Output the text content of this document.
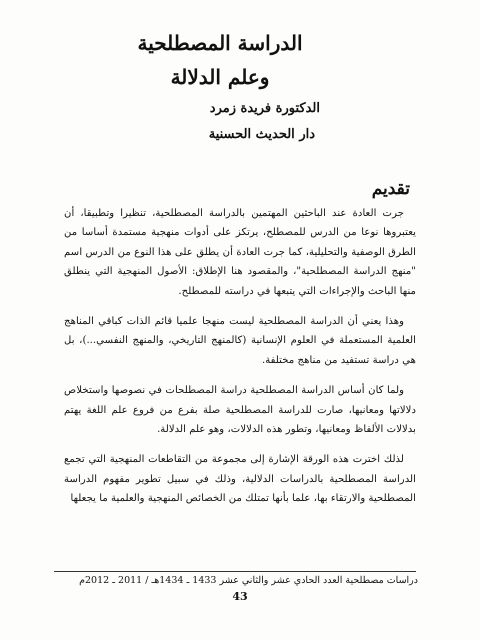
الدراسة المصطلحية
وعلم الدلالة
الدكتورة فريدة زمرد
دار الحديث الحسنية
تقديم

جرت العادة عند الباحثين المهتمين بالدراسة المصطلحية، تنظيرا وتطبيقا، أن يعتبروها نوعا من الدرس للمصطلح، يرتكز على أدوات منهجية مستمدة أساسا من الطرق الوصفية والتحليلية، كما جرت العادة أن يطلق على هذا النوع من الدرس اسم "منهج الدراسة المصطلحية"، والمقصود هنا الإطلاق: الأصول المنهجية التي ينطلق منها الباحث والإجراءات التي يتبعها في دراسته للمصطلح.

وهذا يعني أن الدراسة المصطلحية ليست منهجا علميا قائم الذات كباقي المناهج العلمية المستعملة في العلوم الإنسانية (كالمنهج التاريخي، والمنهج النفسي...)، بل هي دراسة تستفيد من مناهج مختلفة.

ولما كان أساس الدراسة المصطلحية دراسة المصطلحات في نصوصها واستخلاص دلالاتها ومعانيها، صارت للدراسة المصطلحية صلة بفرع من فروع علم اللغة يهتم بدلالات الألفاظ ومعانيها، وتطور هذه الدلالات، وهو علم الدلالة.

لذلك اخترت هذه الورقة الإشارة إلى مجموعة من التقاطعات المنهجية التي تجمع الدراسة المصطلحية بالدراسات الدلالية، وذلك في سبيل تطوير مفهوم الدراسة المصطلحية والارتقاء بها، علما بأنها تمتلك من الخصائص المنهجية والعلمية ما يجعلها

دراسات مصطلحية العدد الحادي عشر والثاني عشر 1433 ـ 1434هـ / 2011 ـ 2012م
43
